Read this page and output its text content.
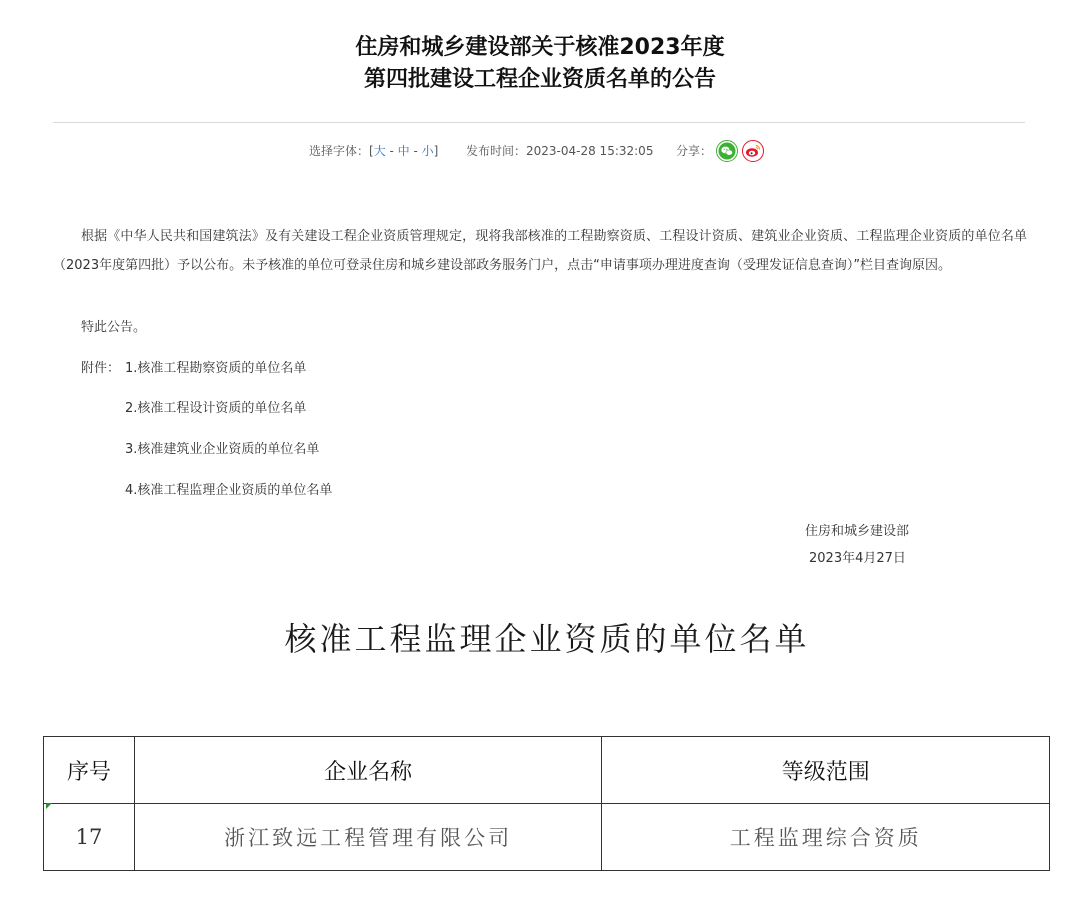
住房和城乡建设部关于核准2023年度
第四批建设工程企业资质名单的公告
选择字体：[大 - 中 - 小] 发布时间：2023-04-28 15:32:05 分享：
根据《中华人民共和国建筑法》及有关建设工程企业资质管理规定，现将我部核准的工程勘察资质、工程设计资质、建筑业企业资质、工程监理企业资质的单位名单（2023年度第四批）予以公布。未予核准的单位可登录住房和城乡建设部政务服务门户，点击“申请事项办理进度查询（受理发证信息查询）”栏目查询原因。
特此公告。
附件： 1.核准工程勘察资质的单位名单
2.核准工程设计资质的单位名单
3.核准建筑业企业资质的单位名单
4.核准工程监理企业资质的单位名单
住房和城乡建设部
2023年4月27日
核准工程监理企业资质的单位名单
序号	企业名称	等级范围
17	浙江致远工程管理有限公司	工程监理综合资质
